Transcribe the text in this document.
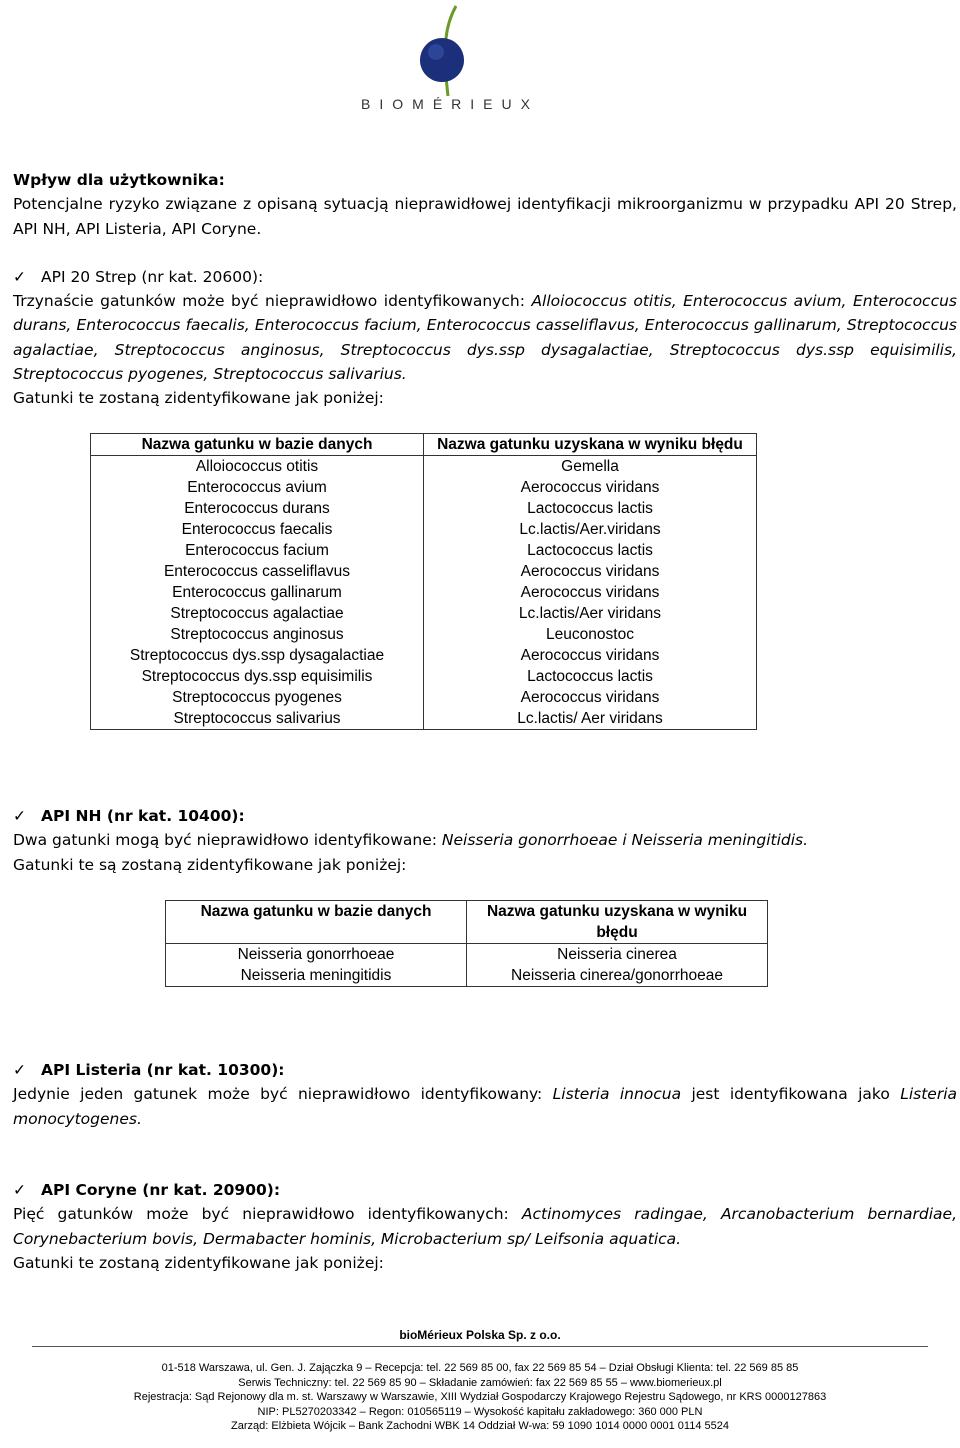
BIOMÉRIEUX

Wpływ dla użytkownika:

Potencjalne ryzyko związane z opisaną sytuacją nieprawidłowej identyfikacji mikroorganizmu w przypadku API 20 Strep, API NH, API Listeria, API Coryne.

✓ API 20 Strep (nr kat. 20600):

Trzynaście gatunków może być nieprawidłowo identyfikowanych: Alloiococcus otitis, Enterococcus avium, Enterococcus durans, Enterococcus faecalis, Enterococcus facium, Enterococcus casseliflavus, Enterococcus gallinarum, Streptococcus agalactiae, Streptococcus anginosus, Streptococcus dys.ssp dysagalactiae, Streptococcus dys.ssp equisimilis, Streptococcus pyogenes, Streptococcus salivarius.

Gatunki te zostaną zidentyfikowane jak poniżej:

Nazwa gatunku w bazie danych	Nazwa gatunku uzyskana w wyniku błędu
Alloiococcus otitis	Gemella
Enterococcus avium	Aerococcus viridans
Enterococcus durans	Lactococcus lactis
Enterococcus faecalis	Lc.lactis/Aer.viridans
Enterococcus facium	Lactococcus lactis
Enterococcus casseliflavus	Aerococcus viridans
Enterococcus gallinarum	Aerococcus viridans
Streptococcus agalactiae	Lc.lactis/Aer viridans
Streptococcus anginosus	Leuconostoc
Streptococcus dys.ssp dysagalactiae	Aerococcus viridans
Streptococcus dys.ssp equisimilis	Lactococcus lactis
Streptococcus pyogenes	Aerococcus viridans
Streptococcus salivarius	Lc.lactis/ Aer viridans

✓ API NH (nr kat. 10400):

Dwa gatunki mogą być nieprawidłowo identyfikowane: Neisseria gonorrhoeae i Neisseria meningitidis.

Gatunki te są zostaną zidentyfikowane jak poniżej:

Nazwa gatunku w bazie danych	Nazwa gatunku uzyskana w wyniku błędu
Neisseria gonorrhoeae	Neisseria cinerea
Neisseria meningitidis	Neisseria cinerea/gonorrhoeae

✓ API Listeria (nr kat. 10300):

Jedynie jeden gatunek może być nieprawidłowo identyfikowany: Listeria innocua jest identyfikowana jako Listeria monocytogenes.

✓ API Coryne (nr kat. 20900):

Pięć gatunków może być nieprawidłowo identyfikowanych: Actinomyces radingae, Arcanobacterium bernardiae, Corynebacterium bovis, Dermabacter hominis, Microbacterium sp/ Leifsonia aquatica.

Gatunki te zostaną zidentyfikowane jak poniżej:

bioMérieux Polska Sp. z o.o.
01-518 Warszawa, ul. Gen. J. Zajączka 9 – Recepcja: tel. 22 569 85 00, fax 22 569 85 54 – Dział Obsługi Klienta: tel. 22 569 85 85
Serwis Techniczny: tel. 22 569 85 90 – Składanie zamówień: fax 22 569 85 55 – www.biomerieux.pl
Rejestracja: Sąd Rejonowy dla m. st. Warszawy w Warszawie, XIII Wydział Gospodarczy Krajowego Rejestru Sądowego, nr KRS 0000127863
NIP: PL5270203342 – Regon: 010565119 – Wysokość kapitału zakładowego: 360 000 PLN
Zarząd: Elżbieta Wójcik – Bank Zachodni WBK 14 Oddział W-wa: 59 1090 1014 0000 0001 0114 5524
